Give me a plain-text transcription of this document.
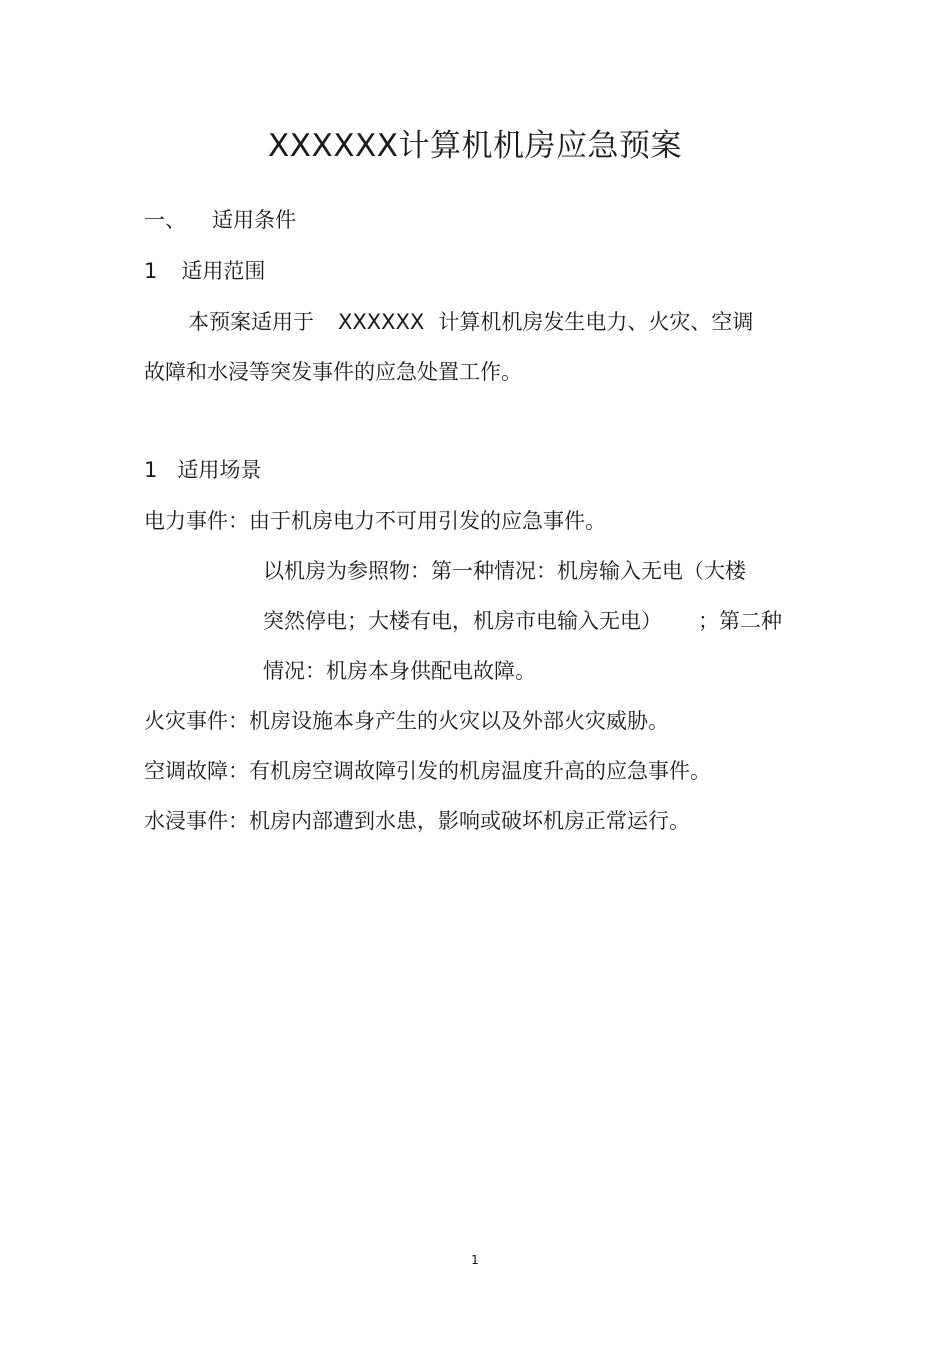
XXXXXX计算机机房应急预案
一、 适用条件
1 适用范围
本预案适用于 XXXXXX 计算机机房发生电力、火灾、空调
故障和水浸等突发事件的应急处置工作。
1 适用场景
电力事件：由于机房电力不可用引发的应急事件。
以机房为参照物：第一种情况：机房输入无电（大楼
突然停电；大楼有电，机房市电输入无电） ；第二种
情况：机房本身供配电故障。
火灾事件：机房设施本身产生的火灾以及外部火灾威胁。
空调故障：有机房空调故障引发的机房温度升高的应急事件。
水浸事件：机房内部遭到水患，影响或破坏机房正常运行。
1
